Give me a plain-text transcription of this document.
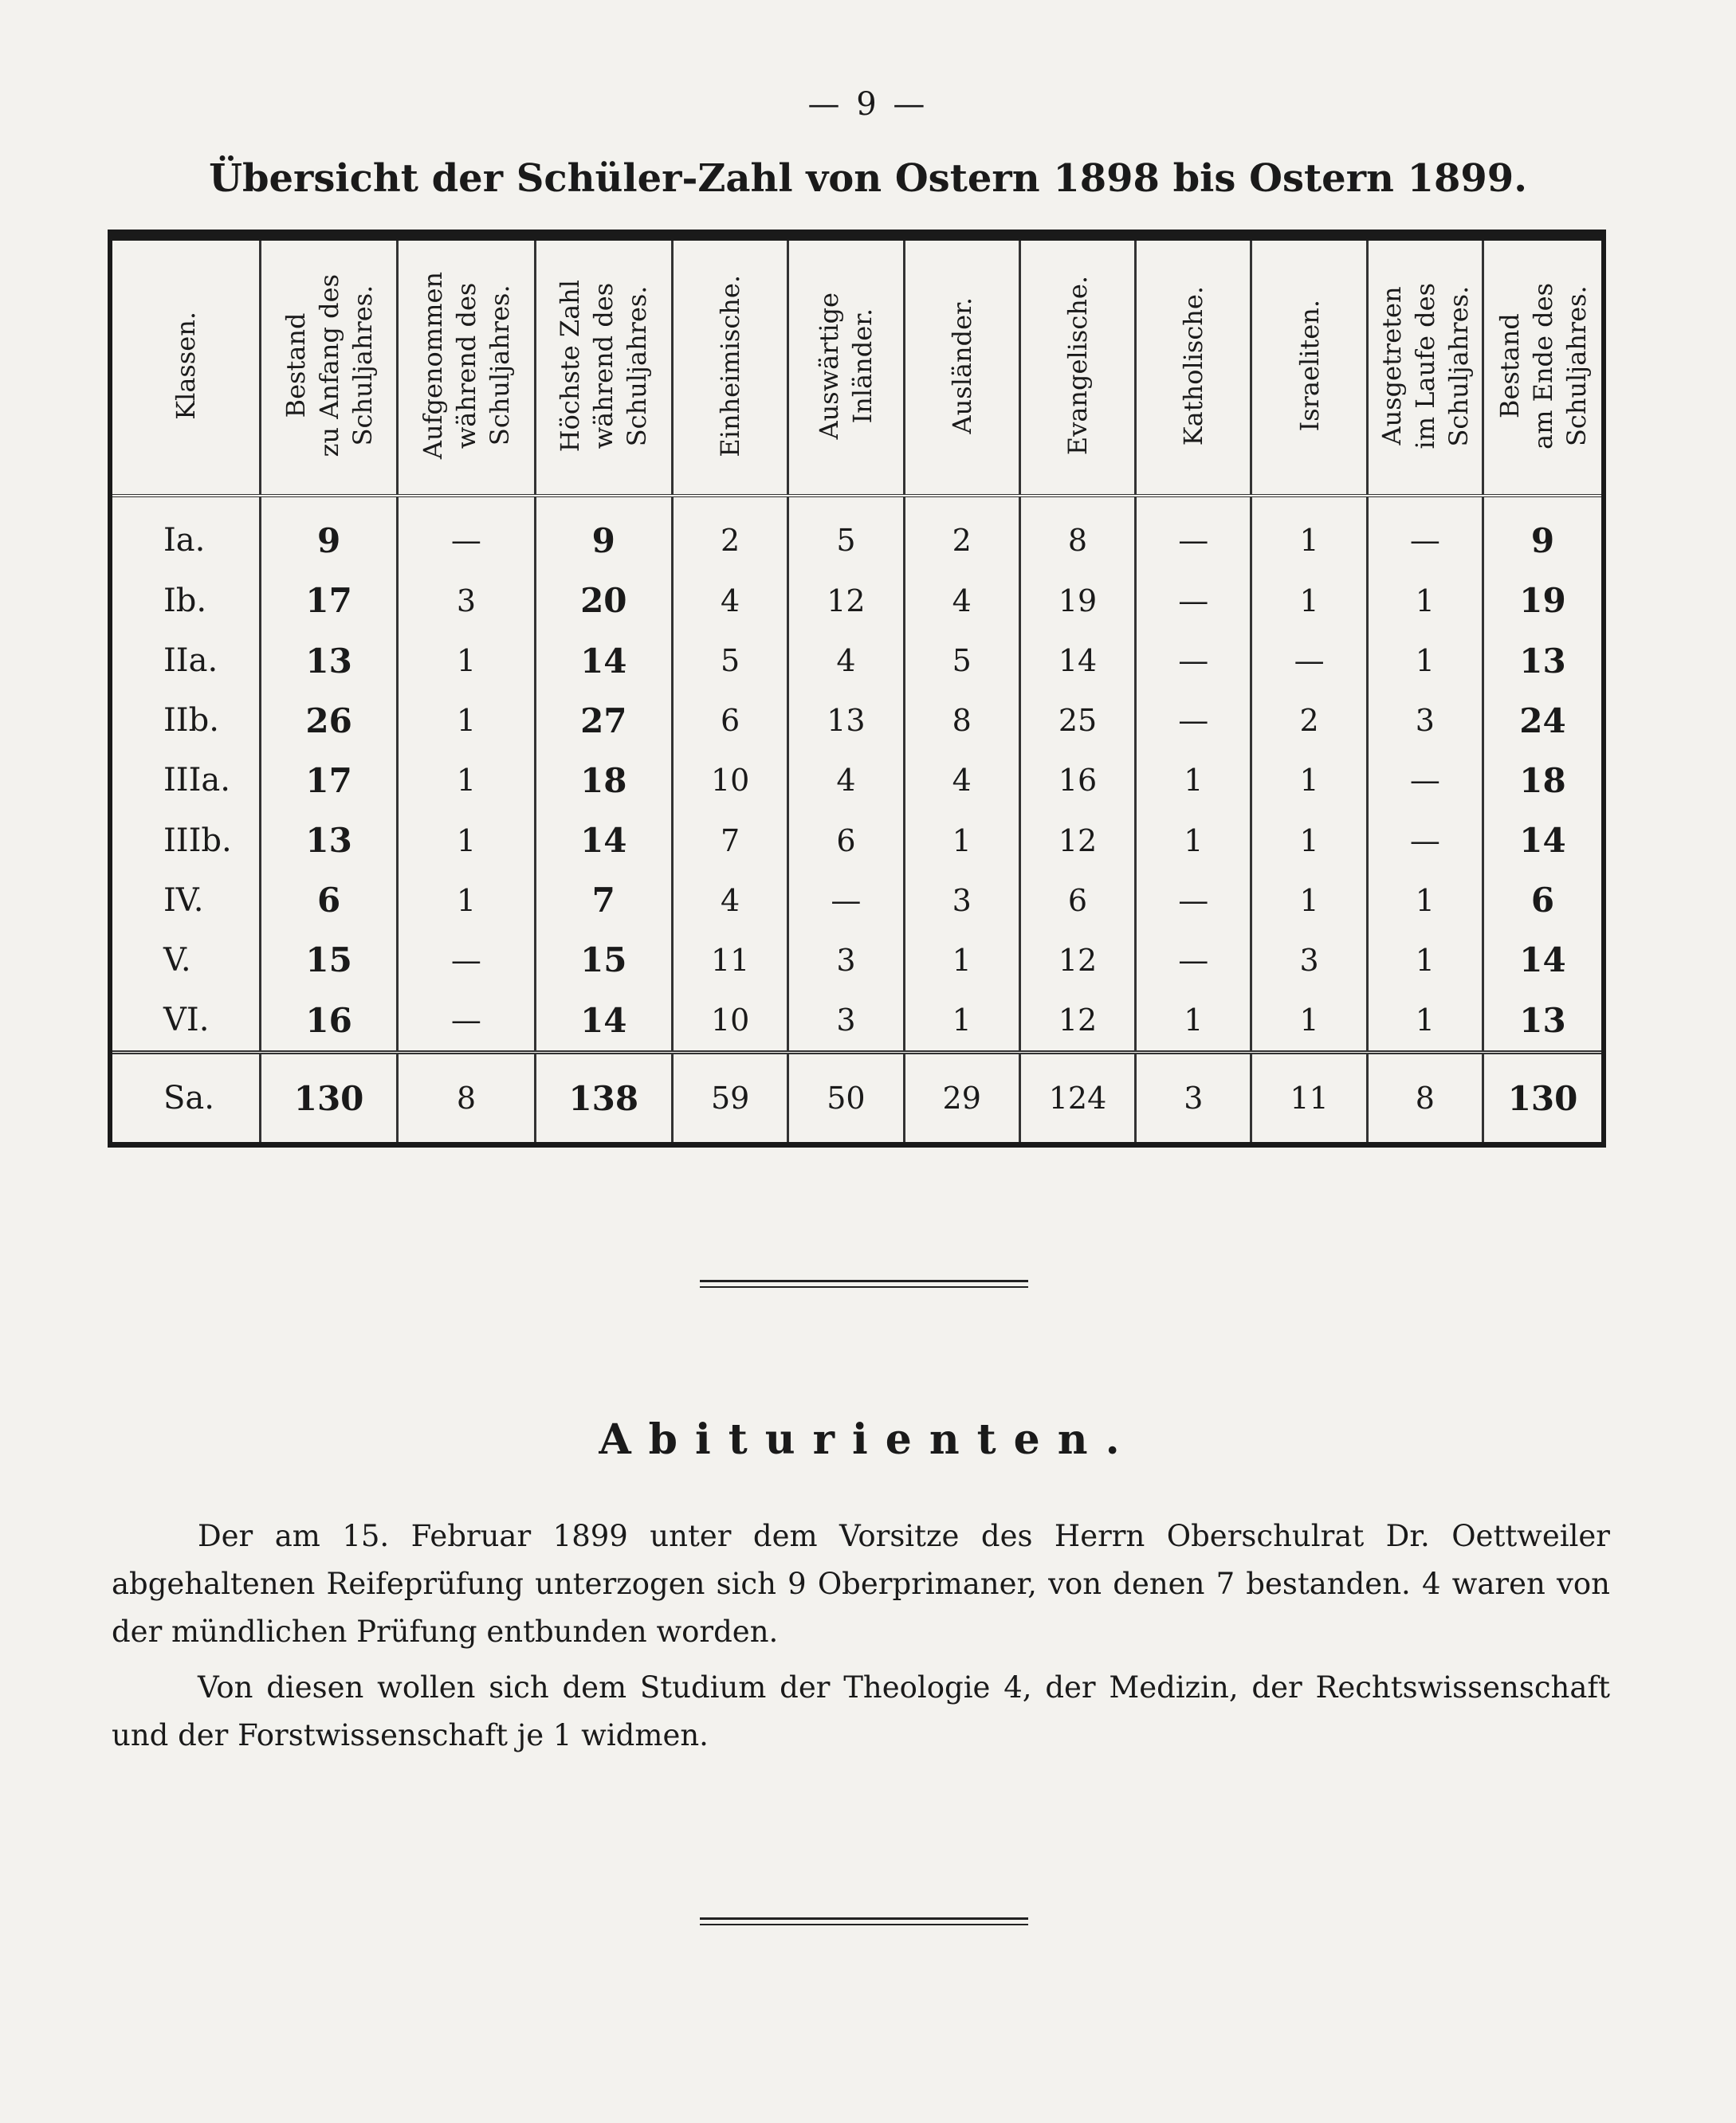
— 9 —
Übersicht der Schüler-Zahl von Ostern 1898 bis Ostern 1899.
Klassen.	Bestand
zu Anfang des
Schuljahres.	Aufgenommen
während des
Schuljahres.	Höchste Zahl
während des
Schuljahres.	Einheimische.	Auswärtige
Inländer.	Ausländer.	Evangelische.	Katholische.	Israeliten.	Ausgetreten
im Laufe des
Schuljahres.	Bestand
am Ende des
Schuljahres.
Ia.	9	—	9	2	5	2	8	—	1	—	9
Ib.	17	3	20	4	12	4	19	—	1	1	19
IIa.	13	1	14	5	4	5	14	—	—	1	13
IIb.	26	1	27	6	13	8	25	—	2	3	24
IIIa.	17	1	18	10	4	4	16	1	1	—	18
IIIb.	13	1	14	7	6	1	12	1	1	—	14
IV.	6	1	7	4	—	3	6	—	1	1	6
V.	15	—	15	11	3	1	12	—	3	1	14
VI.	16	—	14	10	3	1	12	1	1	1	13
Sa.	130	8	138	59	50	29	124	3	11	8	130
Abiturienten.
Der am 15. Februar 1899 unter dem Vorsitze des Herrn Oberschulrat Dr. Oettweiler abgehaltenen Reifeprüfung unterzogen sich 9 Oberprimaner, von denen 7 bestanden. 4 waren von der mündlichen Prüfung entbunden worden.
Von diesen wollen sich dem Studium der Theologie 4, der Medizin, der Rechtswissenschaft und der Forstwissenschaft je 1 widmen.
